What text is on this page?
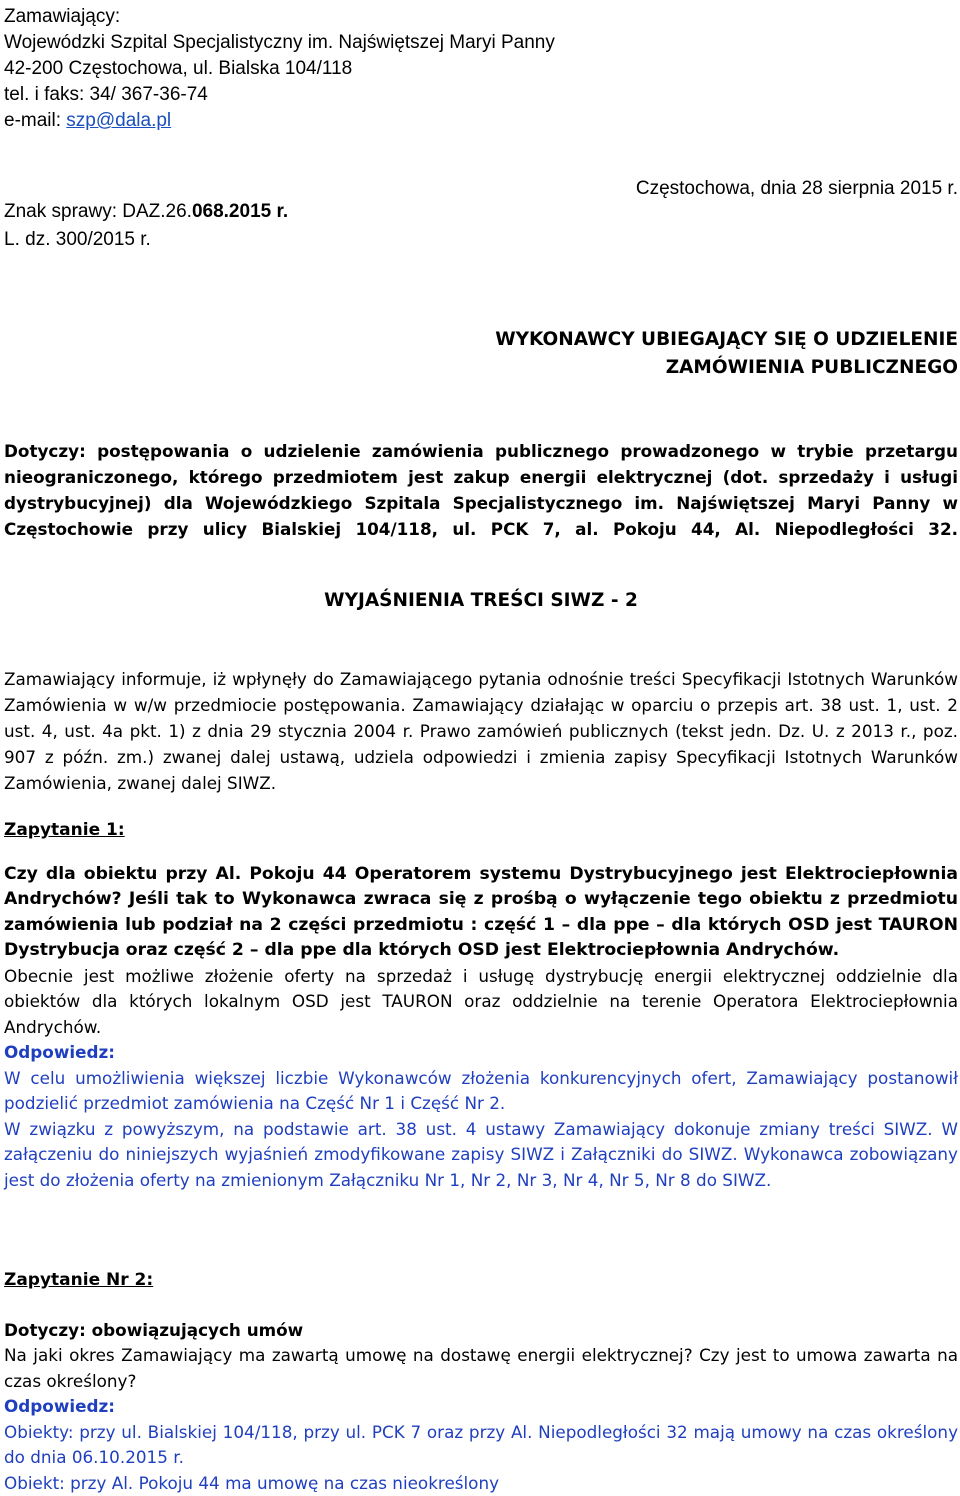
Zamawiający:
Wojewódzki Szpital Specjalistyczny im. Najświętszej Maryi Panny
42-200 Częstochowa, ul. Bialska 104/118
tel. i faks: 34/ 367-36-74
e-mail: szp@dala.pl
Częstochowa, dnia 28 sierpnia 2015 r.
Znak sprawy: DAZ.26.068.2015 r.
L. dz. 300/2015 r.
WYKONAWCY UBIEGAJĄCY SIĘ O UDZIELENIE
ZAMÓWIENIA PUBLICZNEGO

Dotyczy: postępowania o udzielenie zamówienia publicznego prowadzonego w trybie przetargu nieograniczonego, którego przedmiotem jest zakup energii elektrycznej (dot. sprzedaży i usługi dystrybucyjnej) dla Wojewódzkiego Szpitala Specjalistycznego im. Najświętszej Maryi Panny w Częstochowie przy ulicy Bialskiej 104/118, ul. PCK 7, al. Pokoju 44, Al. Niepodległości 32.

WYJAŚNIENIA TREŚCI SIWZ - 2

Zamawiający informuje, iż wpłynęły do Zamawiającego pytania odnośnie treści Specyfikacji Istotnych Warunków Zamówienia w w/w przedmiocie postępowania. Zamawiający działając w oparciu o przepis art. 38 ust. 1, ust. 2 ust. 4, ust. 4a pkt. 1) z dnia 29 stycznia 2004 r. Prawo zamówień publicznych (tekst jedn. Dz. U. z 2013 r., poz. 907 z późn. zm.) zwanej dalej ustawą, udziela odpowiedzi i zmienia zapisy Specyfikacji Istotnych Warunków Zamówienia, zwanej dalej SIWZ.

Zapytanie 1:

Czy dla obiektu przy Al. Pokoju 44 Operatorem systemu Dystrybucyjnego jest Elektrociepłownia Andrychów? Jeśli tak to Wykonawca zwraca się z prośbą o wyłączenie tego obiektu z przedmiotu zamówienia lub podział na 2 części przedmiotu : część 1 – dla ppe – dla których OSD jest TAURON Dystrybucja oraz część 2 – dla ppe dla których OSD jest Elektrociepłownia Andrychów.

Obecnie jest możliwe złożenie oferty na sprzedaż i usługę dystrybucję energii elektrycznej oddzielnie dla obiektów dla których lokalnym OSD jest TAURON oraz oddzielnie na terenie Operatora Elektrociepłownia Andrychów.

Odpowiedz:

W celu umożliwienia większej liczbie Wykonawców złożenia konkurencyjnych ofert, Zamawiający postanowił podzielić przedmiot zamówienia na Część Nr 1 i Część Nr 2.

W związku z powyższym, na podstawie art. 38 ust. 4 ustawy Zamawiający dokonuje zmiany treści SIWZ. W załączeniu do niniejszych wyjaśnień zmodyfikowane zapisy SIWZ i Załączniki do SIWZ. Wykonawca zobowiązany jest do złożenia oferty na zmienionym Załączniku Nr 1, Nr 2, Nr 3, Nr 4, Nr 5, Nr 8 do SIWZ.

Zapytanie Nr 2:

Dotyczy: obowiązujących umów

Na jaki okres Zamawiający ma zawartą umowę na dostawę energii elektrycznej? Czy jest to umowa zawarta na czas określony?

Odpowiedz:

Obiekty: przy ul. Bialskiej 104/118, przy ul. PCK 7 oraz przy Al. Niepodległości 32 mają umowy na czas określony do dnia 06.10.2015 r.

Obiekt: przy Al. Pokoju 44 ma umowę na czas nieokreślony
